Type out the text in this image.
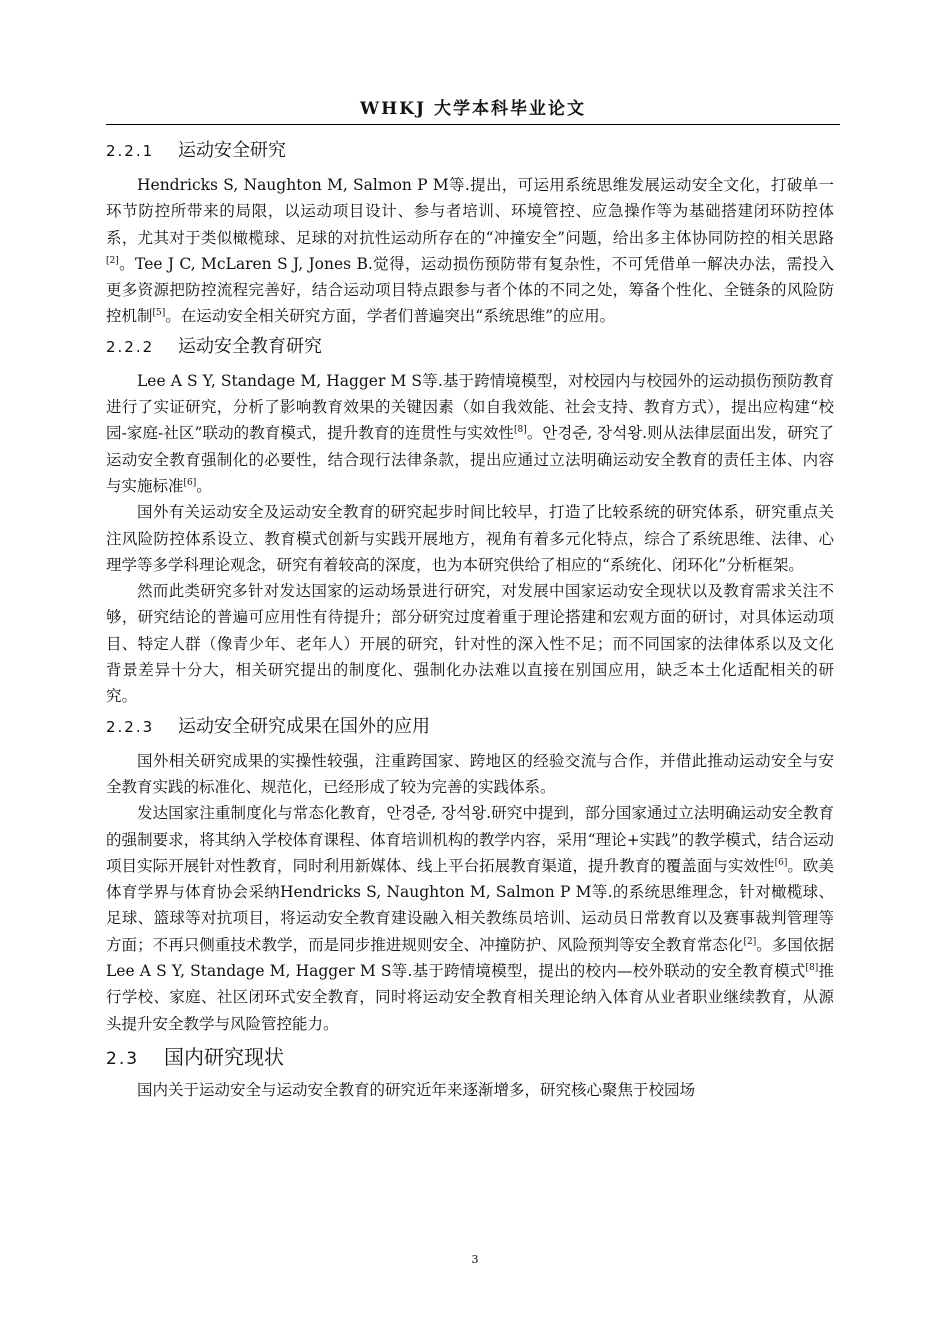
WHKJ 大学本科毕业论文
2.2.1 运动安全研究

Hendricks S, Naughton M, Salmon P M等.提出，可运用系统思维发展运动安全文化，打破单一环节防控所带来的局限，以运动项目设计、参与者培训、环境管控、应急操作等为基础搭建闭环防控体系，尤其对于类似橄榄球、足球的对抗性运动所存在的“冲撞安全”问题，给出多主体协同防控的相关思路[2]。Tee J C, McLaren S J, Jones B.觉得，运动损伤预防带有复杂性，不可凭借单一解决办法，需投入更多资源把防控流程完善好，结合运动项目特点跟参与者个体的不同之处，筹备个性化、全链条的风险防控机制[5]。在运动安全相关研究方面，学者们普遍突出“系统思维”的应用。

2.2.2 运动安全教育研究

Lee A S Y, Standage M, Hagger M S等.基于跨情境模型，对校园内与校园外的运动损伤预防教育进行了实证研究，分析了影响教育效果的关键因素（如自我效能、社会支持、教育方式），提出应构建“校园-家庭-社区”联动的教育模式，提升教育的连贯性与实效性[8]。안경준, 장석왕.则从法律层面出发，研究了运动安全教育强制化的必要性，结合现行法律条款，提出应通过立法明确运动安全教育的责任主体、内容与实施标准[6]。

国外有关运动安全及运动安全教育的研究起步时间比较早，打造了比较系统的研究体系，研究重点关注风险防控体系设立、教育模式创新与实践开展地方，视角有着多元化特点，综合了系统思维、法律、心理学等多学科理论观念，研究有着较高的深度，也为本研究供给了相应的“系统化、闭环化”分析框架。

然而此类研究多针对发达国家的运动场景进行研究，对发展中国家运动安全现状以及教育需求关注不够，研究结论的普遍可应用性有待提升；部分研究过度着重于理论搭建和宏观方面的研讨，对具体运动项目、特定人群（像青少年、老年人）开展的研究，针对性的深入性不足；而不同国家的法律体系以及文化背景差异十分大，相关研究提出的制度化、强制化办法难以直接在别国应用，缺乏本土化适配相关的研究。

2.2.3 运动安全研究成果在国外的应用

国外相关研究成果的实操性较强，注重跨国家、跨地区的经验交流与合作，并借此推动运动安全与安全教育实践的标准化、规范化，已经形成了较为完善的实践体系。

发达国家注重制度化与常态化教育，안경준, 장석왕.研究中提到，部分国家通过立法明确运动安全教育的强制要求，将其纳入学校体育课程、体育培训机构的教学内容，采用“理论+实践”的教学模式，结合运动项目实际开展针对性教育，同时利用新媒体、线上平台拓展教育渠道，提升教育的覆盖面与实效性[6]。欧美体育学界与体育协会采纳Hendricks S, Naughton M, Salmon P M等.的系统思维理念，针对橄榄球、足球、篮球等对抗项目，将运动安全教育建设融入相关教练员培训、运动员日常教育以及赛事裁判管理等方面；不再只侧重技术教学，而是同步推进规则安全、冲撞防护、风险预判等安全教育常态化[2]。多国依据Lee A S Y, Standage M, Hagger M S等.基于跨情境模型，提出的校内—校外联动的安全教育模式[8]推行学校、家庭、社区闭环式安全教育，同时将运动安全教育相关理论纳入体育从业者职业继续教育，从源头提升安全教学与风险管控能力。

2.3 国内研究现状

国内关于运动安全与运动安全教育的研究近年来逐渐增多，研究核心聚焦于校园场

3
